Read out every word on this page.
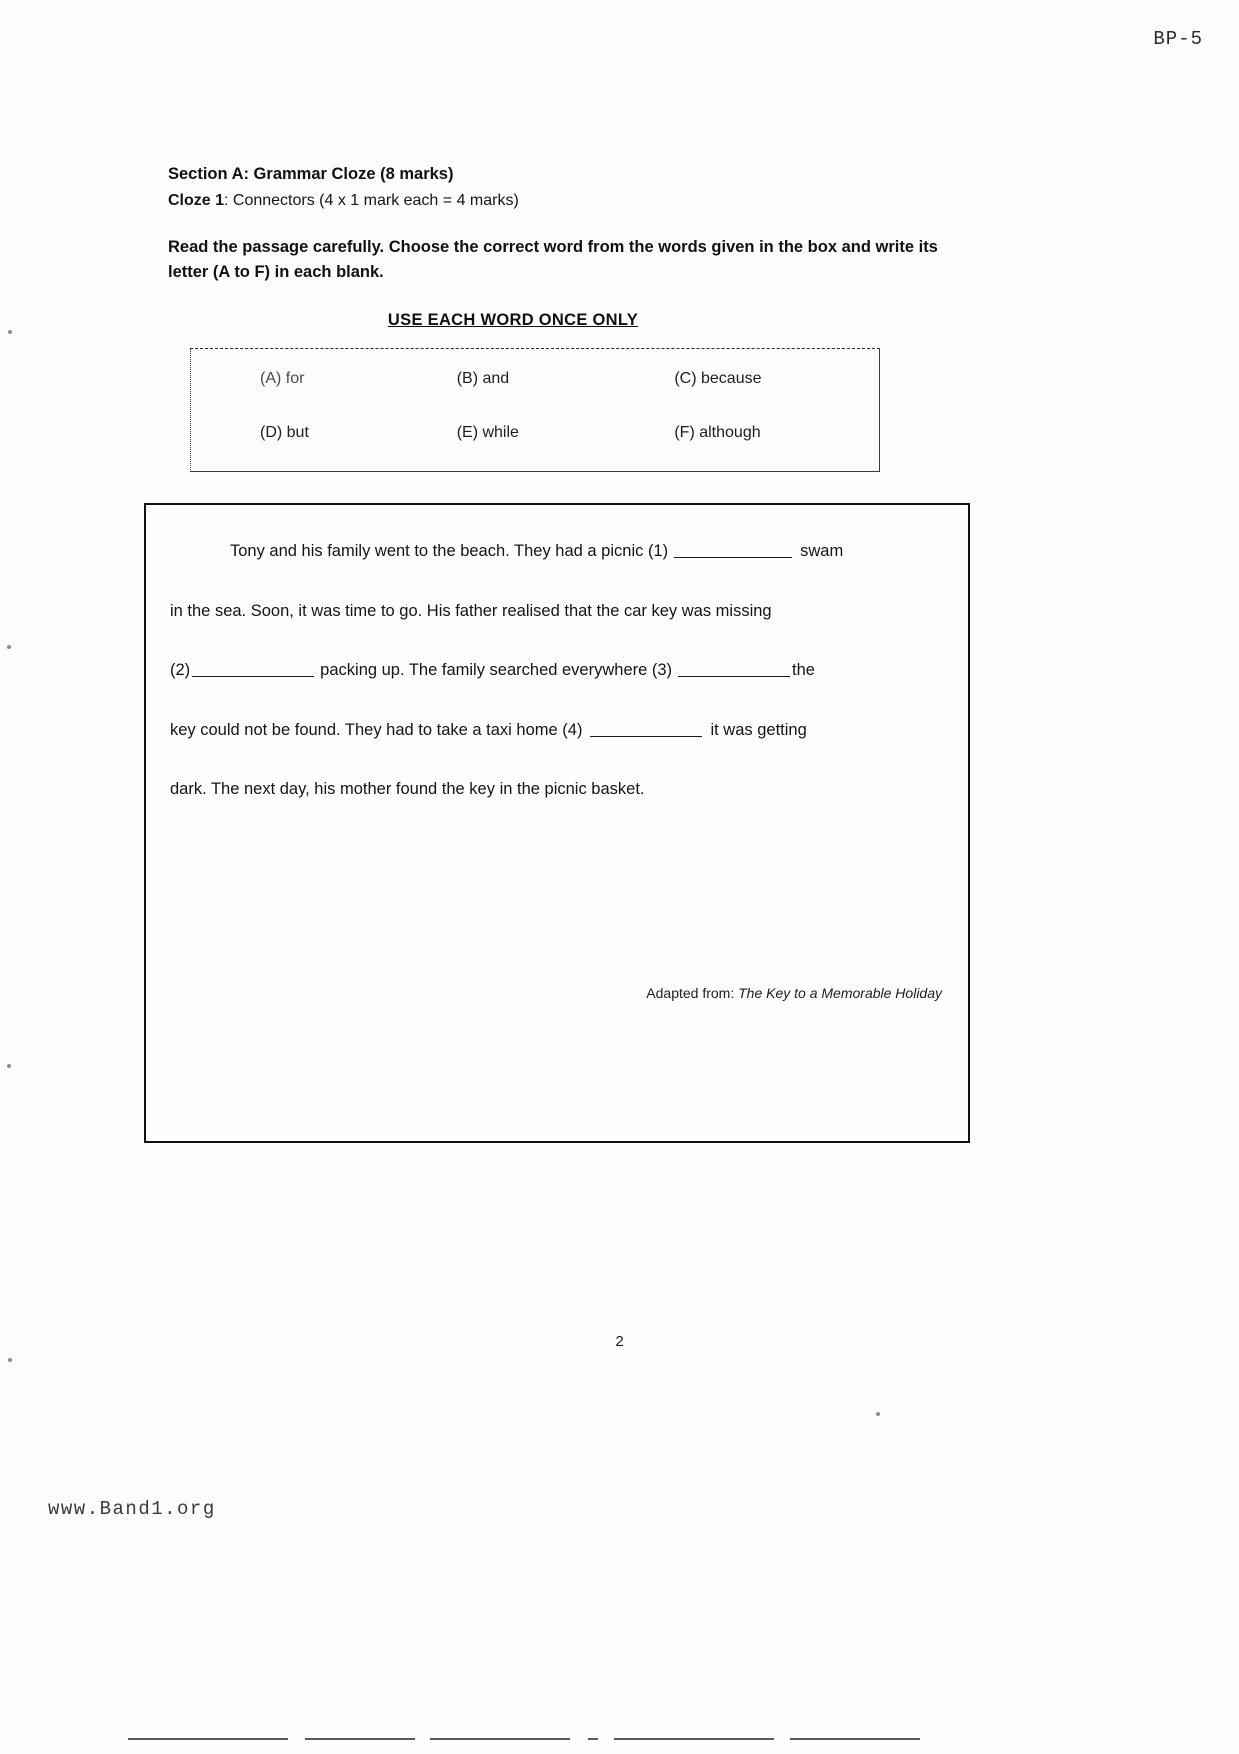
BP-5
Section A: Grammar Cloze (8 marks)
Cloze 1: Connectors (4 x 1 mark each = 4 marks)
Read the passage carefully. Choose the correct word from the words given in the box and write its letter (A to F) in each blank.
USE EACH WORD ONCE ONLY
(A) for	(B) and	(C) because
(D) but	(E) while	(F) although
Tony and his family went to the beach. They had a picnic (1)	swam
in the sea. Soon, it was time to go. His father realised that the car key was missing
(2)	packing up. The family searched everywhere (3)	the
key could not be found. They had to take a taxi home (4)	it was getting
dark. The next day, his mother found the key in the picnic basket.
Adapted from: The Key to a Memorable Holiday
2
www.Band1.org
